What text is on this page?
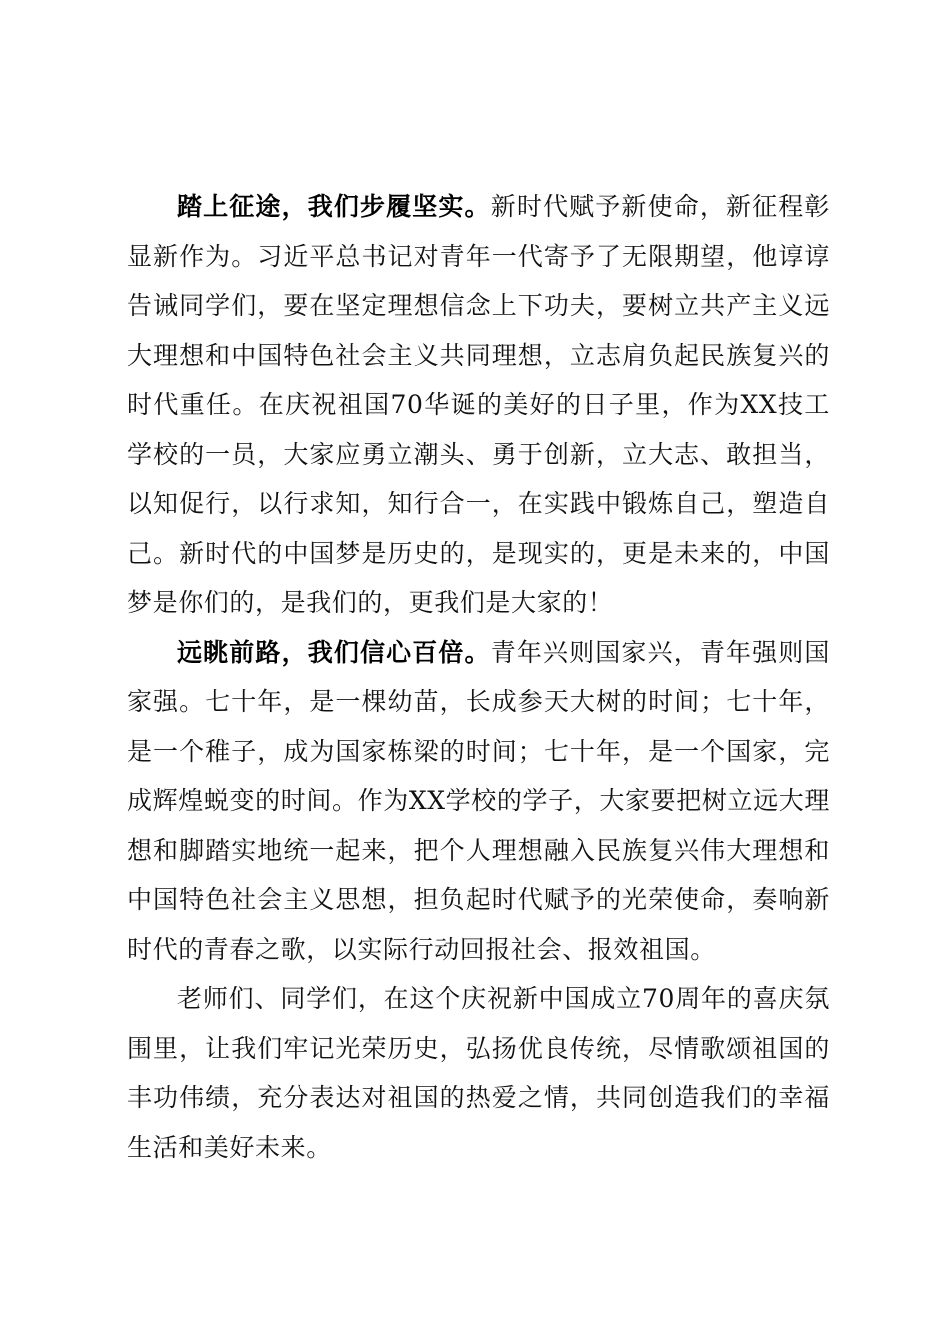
踏上征途，我们步履坚实。新时代赋予新使命，新征程彰显新作为。习近平总书记对青年一代寄予了无限期望，他谆谆告诫同学们，要在坚定理想信念上下功夫，要树立共产主义远大理想和中国特色社会主义共同理想，立志肩负起民族复兴的时代重任。在庆祝祖国70华诞的美好的日子里，作为XX技工学校的一员，大家应勇立潮头、勇于创新，立大志、敢担当，以知促行，以行求知，知行合一，在实践中锻炼自己，塑造自己。新时代的中国梦是历史的，是现实的，更是未来的，中国梦是你们的，是我们的，更我们是大家的！

远眺前路，我们信心百倍。青年兴则国家兴，青年强则国家强。七十年，是一棵幼苗，长成参天大树的时间；七十年，是一个稚子，成为国家栋梁的时间；七十年，是一个国家，完成辉煌蜕变的时间。作为XX学校的学子，大家要把树立远大理想和脚踏实地统一起来，把个人理想融入民族复兴伟大理想和中国特色社会主义思想，担负起时代赋予的光荣使命，奏响新时代的青春之歌，以实际行动回报社会、报效祖国。

老师们、同学们，在这个庆祝新中国成立70周年的喜庆氛围里，让我们牢记光荣历史，弘扬优良传统，尽情歌颂祖国的丰功伟绩，充分表达对祖国的热爱之情，共同创造我们的幸福生活和美好未来。
